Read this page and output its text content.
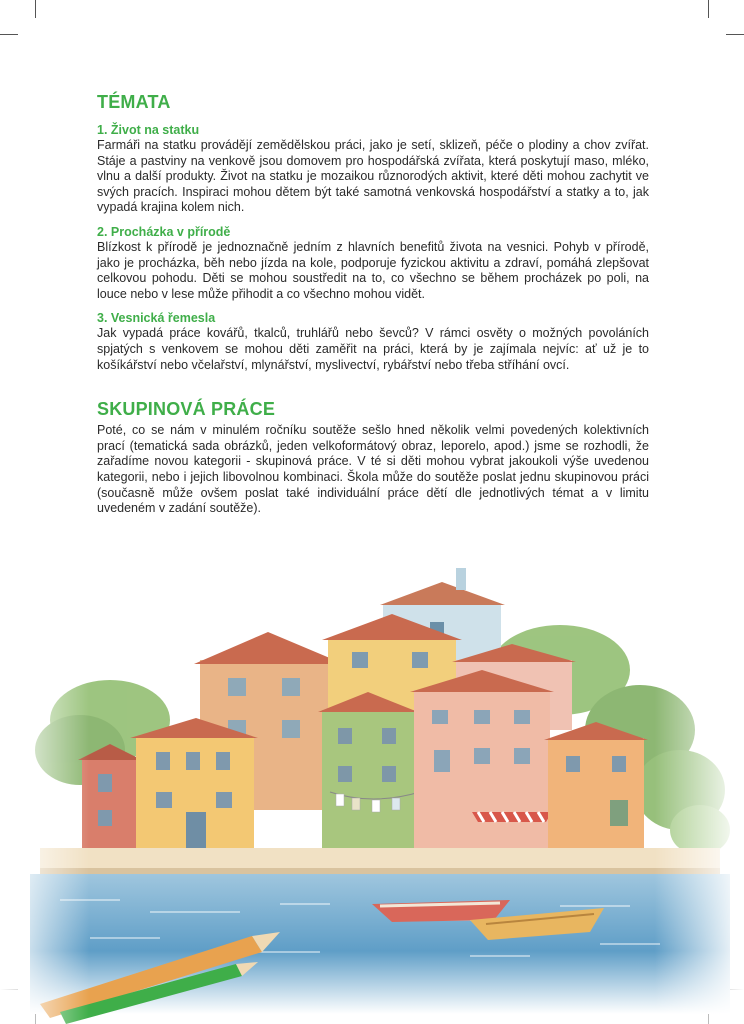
TÉMATA
1. Život na statku

Farmáři na statku provádějí zemědělskou práci, jako je setí, sklizeň, péče o plodiny a chov zvířat. Stáje a pastviny na venkově jsou domovem pro hospodářská zvířata, která poskytují maso, mléko, vlnu a další produkty. Život na statku je mozaikou různorodých aktivit, které děti mohou zachytit ve svých pracích. Inspiraci mohou dětem být také samotná venkovská hospodářství a statky a to, jak vypadá krajina kolem nich.

2. Procházka v přírodě

Blízkost k přírodě je jednoznačně jedním z hlavních benefitů života na vesnici. Pohyb v přírodě, jako je procházka, běh nebo jízda na kole, podporuje fyzickou aktivitu a zdraví, pomáhá zlepšovat celkovou pohodu. Děti se mohou soustředit na to, co všechno se během procházek po poli, na louce nebo v lese může přihodit a co všechno mohou vidět.

3. Vesnická řemesla

Jak vypadá práce kovářů, tkalců, truhlářů nebo ševců? V rámci osvěty o možných povoláních spjatých s venkovem se mohou děti zaměřit na práci, která by je zajímala nejvíc: ať už je to košíkářství nebo včelařství, mlynářství, myslivectví, rybářství nebo třeba stříhání ovcí.

SKUPINOVÁ PRÁCE

Poté, co se nám v minulém ročníku soutěže sešlo hned několik velmi povedených kolektivních prací (tematická sada obrázků, jeden velkoformátový obraz, leporelo, apod.) jsme se rozhodli, že zařadíme novou kategorii - skupinová práce. V té si děti mohou vybrat jakoukoli výše uvedenou kategorii, nebo i jejich libovolnou kombinaci. Škola může do soutěže poslat jednu skupinovou práci (současně může ovšem poslat také individuální práce dětí dle jednotlivých témat a v limitu uvedeném v zadání soutěže).
